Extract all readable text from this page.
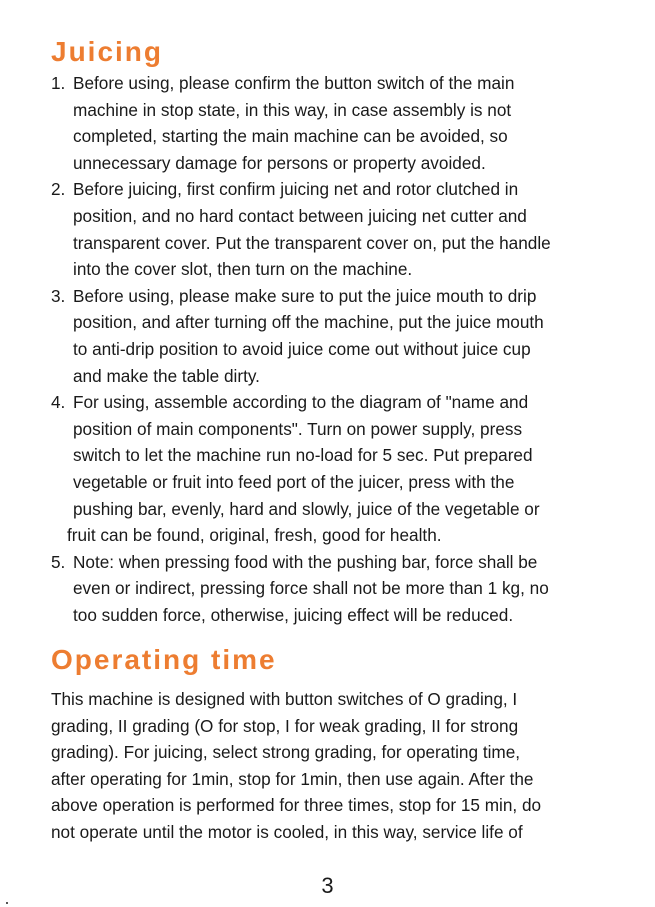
Juicing
1. Before using, please confirm the button switch of the main
machine in stop state, in this way, in case assembly is not
completed, starting the main machine can be avoided, so
unnecessary damage for persons or property avoided.
2. Before juicing, first confirm juicing net and rotor clutched in
position, and no hard contact between juicing net cutter and
transparent cover. Put the transparent cover on, put the handle
into the cover slot, then turn on the machine.
3. Before using, please make sure to put the juice mouth to drip
position, and after turning off the machine, put the juice mouth
to anti-drip position to avoid juice come out without juice cup
and make the table dirty.
4. For using, assemble according to the diagram of "name and
position of main components". Turn on power supply, press
switch to let the machine run no-load for 5 sec. Put prepared
vegetable or fruit into feed port of the juicer, press with the
pushing bar, evenly, hard and slowly, juice of the vegetable or
fruit can be found, original, fresh, good for health.
5. Note: when pressing food with the pushing bar, force shall be
even or indirect, pressing force shall not be more than 1 kg, no
too sudden force, otherwise, juicing effect will be reduced.
Operating time

This machine is designed with button switches of O grading, I
grading, II grading (O for stop, I for weak grading, II for strong
grading). For juicing, select strong grading, for operating time,
after operating for 1min, stop for 1min, then use again. After the
above operation is performed for three times, stop for 15 min, do
not operate until the motor is cooled, in this way, service life of

3
